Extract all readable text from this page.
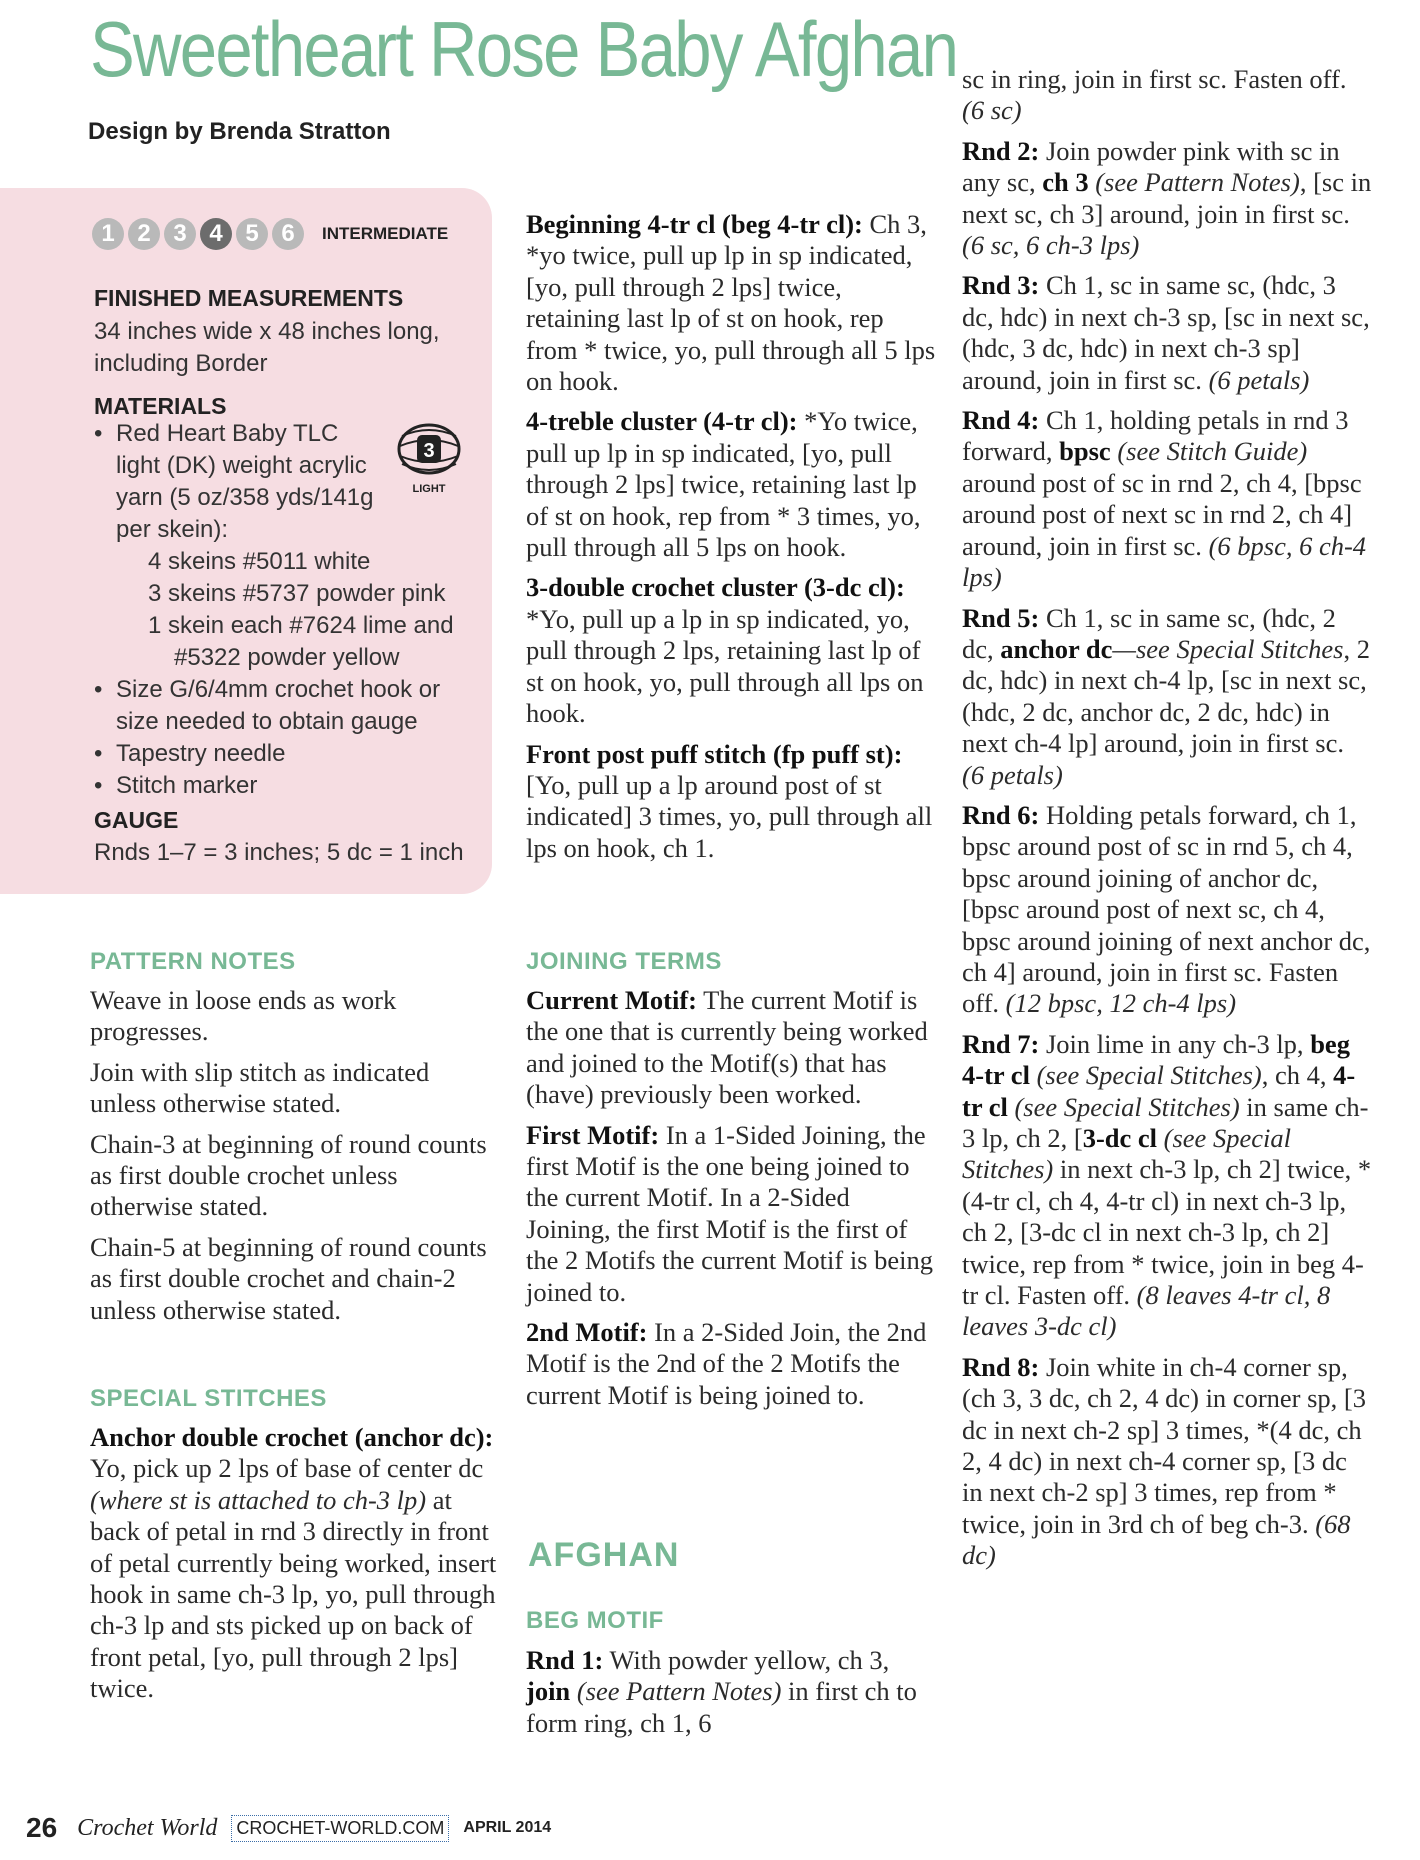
Sweetheart Rose Baby Afghan
Design by Brenda Stratton
1 2 3 4 5 6	INTERMEDIATE
FINISHED MEASUREMENTS
34 inches wide x 48 inches long,
including Border
MATERIALS
3
LIGHT
• Red Heart Baby TLC
light (DK) weight acrylic
yarn (5 oz/358 yds/141g
per skein):
4 skeins #5011 white
3 skeins #5737 powder pink
1 skein each #7624 lime and
#5322 powder yellow
• Size G/6/4mm crochet hook or
size needed to obtain gauge
• Tapestry needle
• Stitch marker
GAUGE
Rnds 1–7 = 3 inches; 5 dc = 1 inch
PATTERN NOTES

Weave in loose ends as work progresses.

Join with slip stitch as indicated unless otherwise stated.

Chain-3 at beginning of round counts as first double crochet unless otherwise stated.

Chain-5 at beginning of round counts as first double crochet and chain-2 unless otherwise stated.

SPECIAL STITCHES

Anchor double crochet (anchor dc): Yo, pick up 2 lps of base of center dc (where st is attached to ch-3 lp) at back of petal in rnd 3 directly in front of petal currently being worked, insert hook in same ch-3 lp, yo, pull through ch-3 lp and sts picked up on back of front petal, [yo, pull through 2 lps] twice.

Beginning 4-tr cl (beg 4-tr cl): Ch 3, *yo twice, pull up lp in sp indicated, [yo, pull through 2 lps] twice, retaining last lp of st on hook, rep from * twice, yo, pull through all 5 lps on hook.

4-treble cluster (4-tr cl): *Yo twice, pull up lp in sp indicated, [yo, pull through 2 lps] twice, retaining last lp of st on hook, rep from * 3 times, yo, pull through all 5 lps on hook.

3-double crochet cluster (3-dc cl): *Yo, pull up a lp in sp indicated, yo, pull through 2 lps, retaining last lp of st on hook, yo, pull through all lps on hook.

Front post puff stitch (fp puff st): [Yo, pull up a lp around post of st indicated] 3 times, yo, pull through all lps on hook, ch 1.

JOINING TERMS

Current Motif: The current Motif is the one that is currently being worked and joined to the Motif(s) that has (have) previously been worked.

First Motif: In a 1-Sided Joining, the first Motif is the one being joined to the current Motif. In a 2-Sided Joining, the first Motif is the first of the 2 Motifs the current Motif is being joined to.

2nd Motif: In a 2-Sided Join, the 2nd Motif is the 2nd of the 2 Motifs the current Motif is being joined to.

AFGHAN
BEG MOTIF

Rnd 1: With powder yellow, ch 3, join (see Pattern Notes) in first ch to form ring, ch 1, 6

sc in ring, join in first sc. Fasten off. (6 sc)

Rnd 2: Join powder pink with sc in any sc, ch 3 (see Pattern Notes), [sc in next sc, ch 3] around, join in first sc. (6 sc, 6 ch-3 lps)

Rnd 3: Ch 1, sc in same sc, (hdc, 3 dc, hdc) in next ch-3 sp, [sc in next sc, (hdc, 3 dc, hdc) in next ch-3 sp] around, join in first sc. (6 petals)

Rnd 4: Ch 1, holding petals in rnd 3 forward, bpsc (see Stitch Guide) around post of sc in rnd 2, ch 4, [bpsc around post of next sc in rnd 2, ch 4] around, join in first sc. (6 bpsc, 6 ch-4 lps)

Rnd 5: Ch 1, sc in same sc, (hdc, 2 dc, anchor dc—see Special Stitches, 2 dc, hdc) in next ch-4 lp, [sc in next sc, (hdc, 2 dc, anchor dc, 2 dc, hdc) in next ch-4 lp] around, join in first sc. (6 petals)

Rnd 6: Holding petals forward, ch 1, bpsc around post of sc in rnd 5, ch 4, bpsc around joining of anchor dc, [bpsc around post of next sc, ch 4, bpsc around joining of next anchor dc, ch 4] around, join in first sc. Fasten off. (12 bpsc, 12 ch-4 lps)

Rnd 7: Join lime in any ch-3 lp, beg 4-tr cl (see Special Stitches), ch 4, 4-tr cl (see Special Stitches) in same ch-3 lp, ch 2, [3-dc cl (see Special Stitches) in next ch-3 lp, ch 2] twice, *(4-tr cl, ch 4, 4-tr cl) in next ch-3 lp, ch 2, [3-dc cl in next ch-3 lp, ch 2] twice, rep from * twice, join in beg 4-tr cl. Fasten off. (8 leaves 4-tr cl, 8 leaves 3-dc cl)

Rnd 8: Join white in ch-4 corner sp, (ch 3, 3 dc, ch 2, 4 dc) in corner sp, [3 dc in next ch-2 sp] 3 times, *(4 dc, ch 2, 4 dc) in next ch-4 corner sp, [3 dc in next ch-2 sp] 3 times, rep from * twice, join in 3rd ch of beg ch-3. (68 dc)

26 Crochet World CROCHET-WORLD.COM	APRIL 2014
